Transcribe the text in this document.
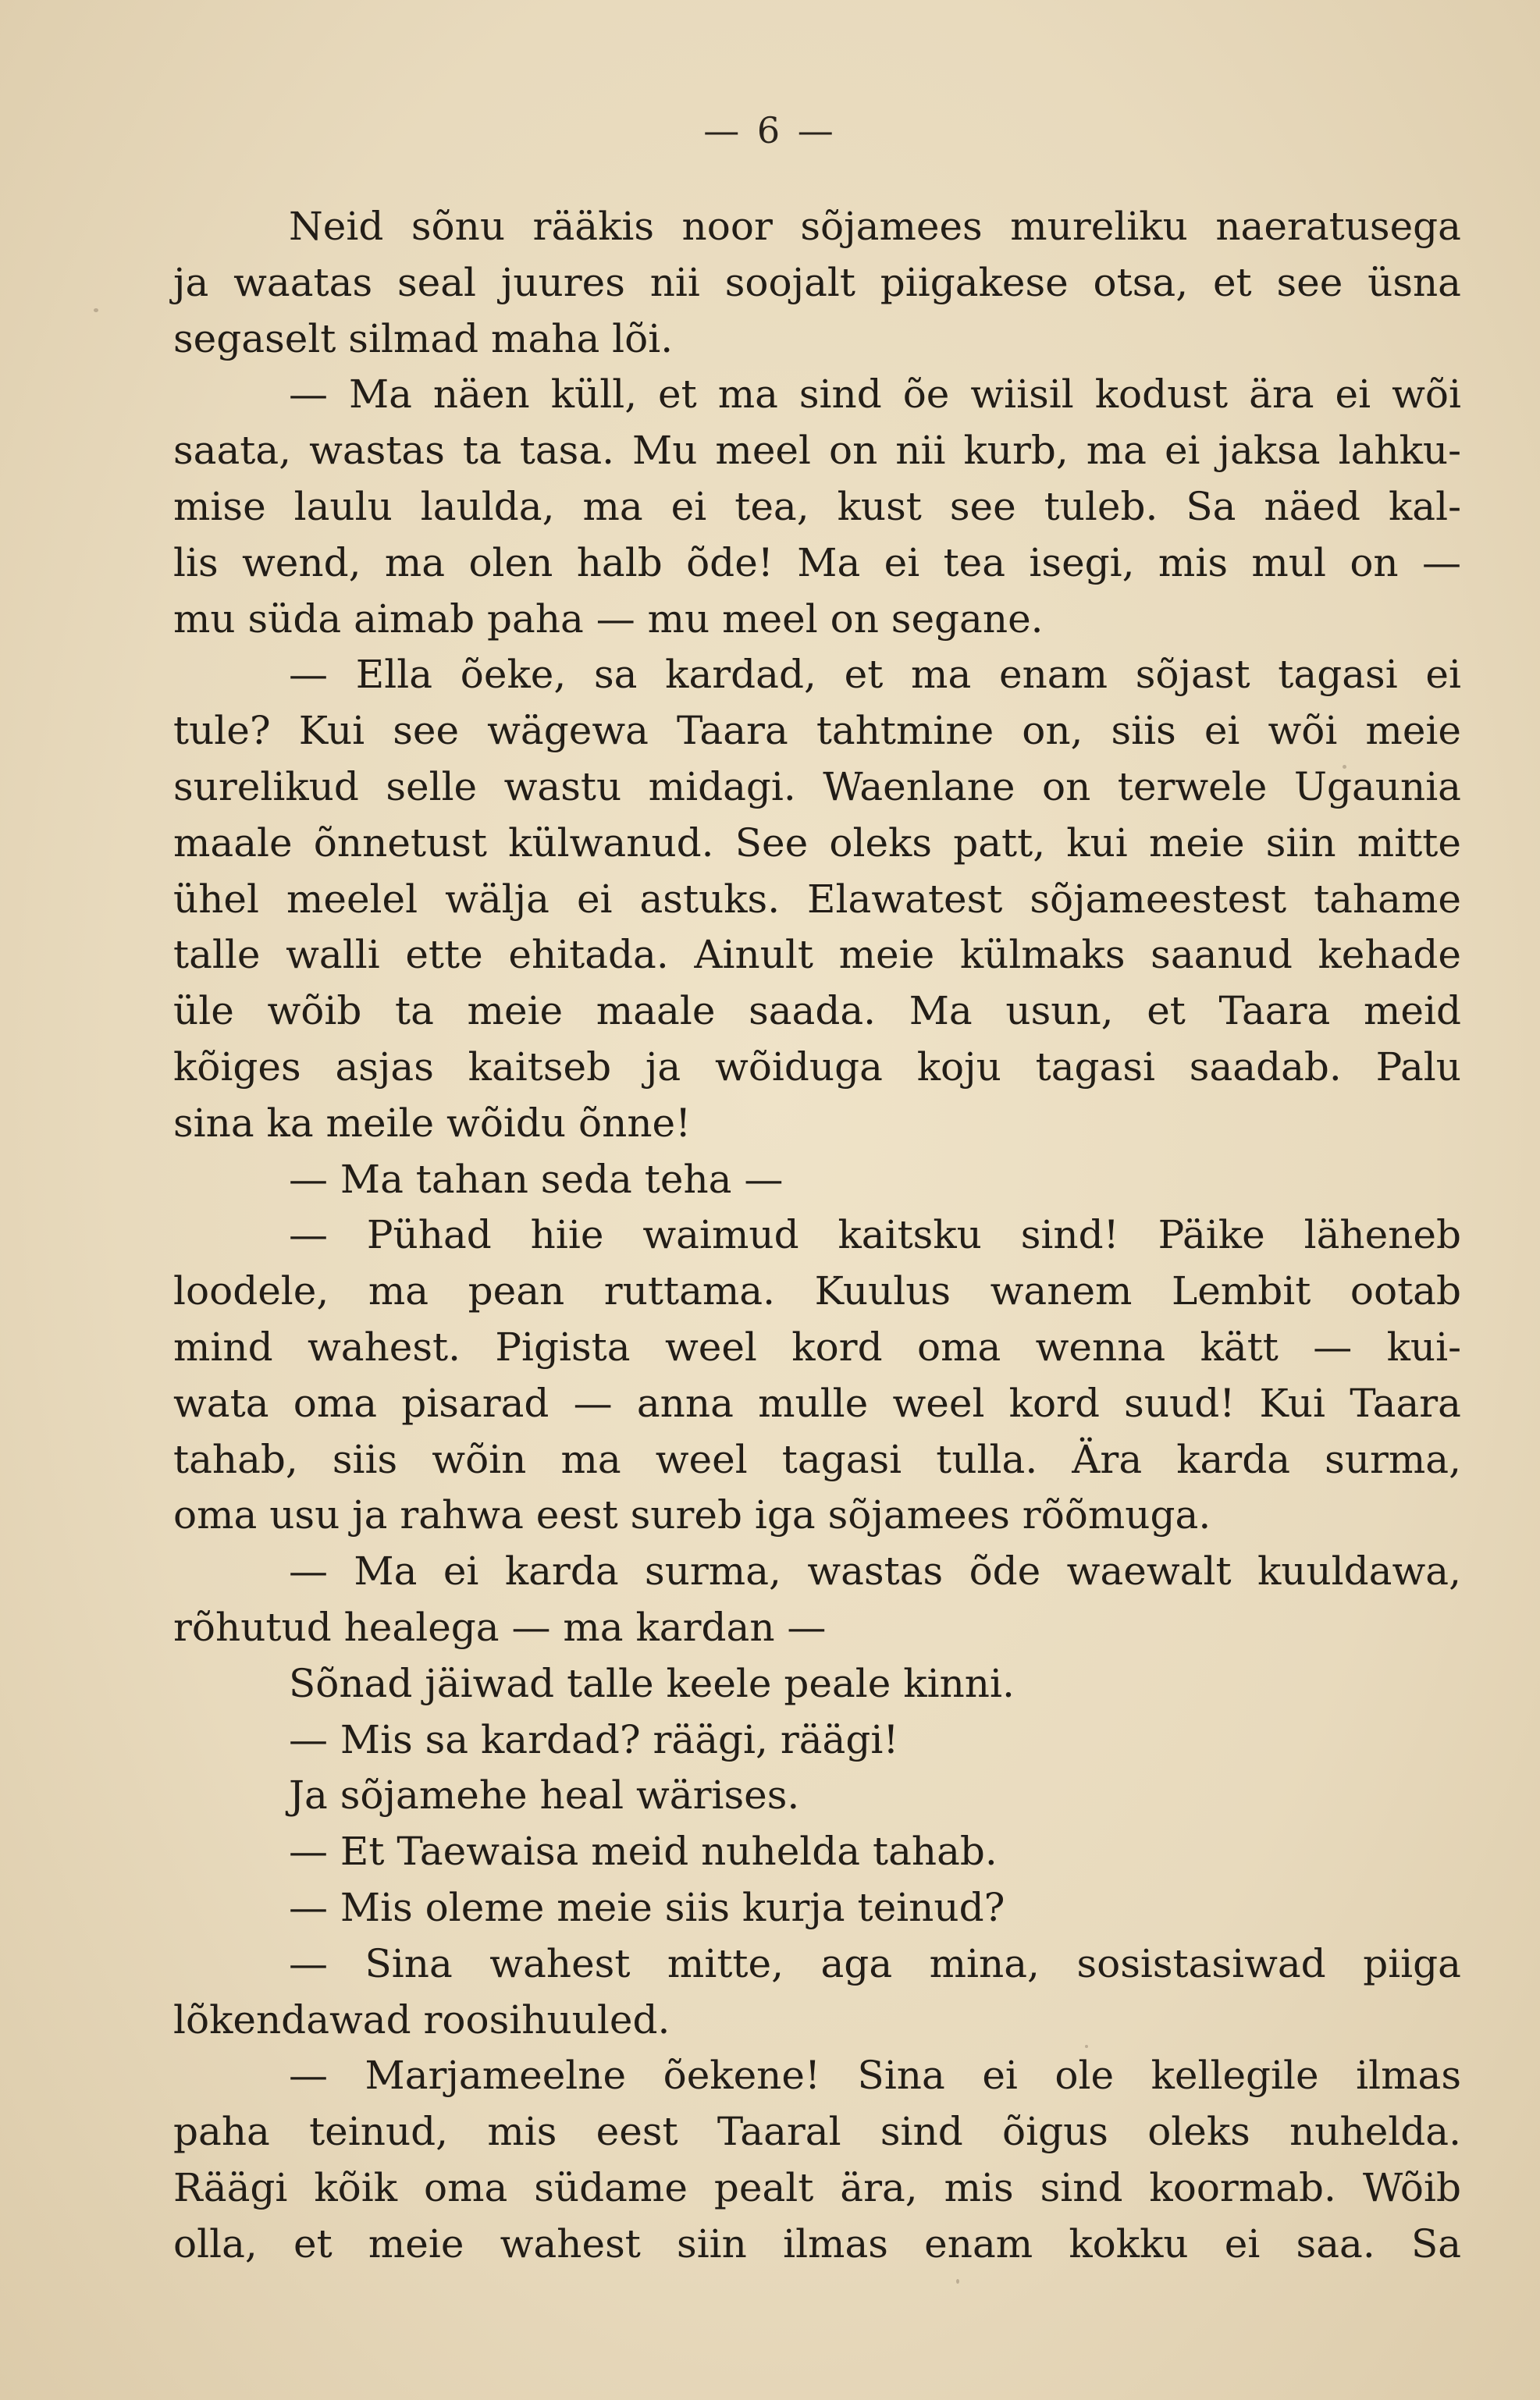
— 6 —
Neid sõnu rääkis noor sõjamees mureliku naeratusega
ja waatas seal juures nii soojalt piigakese otsa, et see üsna
segaselt silmad maha lõi.
— Ma näen küll, et ma sind õe wiisil kodust ära ei wõi
saata, wastas ta tasa. Mu meel on nii kurb, ma ei jaksa lahku-
mise laulu laulda, ma ei tea, kust see tuleb. Sa näed kal-
lis wend, ma olen halb õde! Ma ei tea isegi, mis mul on —
mu süda aimab paha — mu meel on segane.
— Ella õeke, sa kardad, et ma enam sõjast tagasi ei
tule? Kui see wägewa Taara tahtmine on, siis ei wõi meie
surelikud selle wastu midagi. Waenlane on terwele Ugaunia
maale õnnetust külwanud. See oleks patt, kui meie siin mitte
ühel meelel wälja ei astuks. Elawatest sõjameestest tahame
talle walli ette ehitada. Ainult meie külmaks saanud kehade
üle wõib ta meie maale saada. Ma usun, et Taara meid
kõiges asjas kaitseb ja wõiduga koju tagasi saadab. Palu
sina ka meile wõidu õnne!
— Ma tahan seda teha —
— Pühad hiie waimud kaitsku sind! Päike läheneb
loodele, ma pean ruttama. Kuulus wanem Lembit ootab
mind wahest. Pigista weel kord oma wenna kätt — kui-
wata oma pisarad — anna mulle weel kord suud! Kui Taara
tahab, siis wõin ma weel tagasi tulla. Ära karda surma,
oma usu ja rahwa eest sureb iga sõjamees rõõmuga.
— Ma ei karda surma, wastas õde waewalt kuuldawa,
rõhutud healega — ma kardan —
Sõnad jäiwad talle keele peale kinni.
— Mis sa kardad? räägi, räägi!
Ja sõjamehe heal wärises.
— Et Taewaisa meid nuhelda tahab.
— Mis oleme meie siis kurja teinud?
— Sina wahest mitte, aga mina, sosistasiwad piiga
lõkendawad roosihuuled.
— Marjameelne õekene! Sina ei ole kellegile ilmas
paha teinud, mis eest Taaral sind õigus oleks nuhelda.
Räägi kõik oma südame pealt ära, mis sind koormab. Wõib
olla, et meie wahest siin ilmas enam kokku ei saa. Sa
